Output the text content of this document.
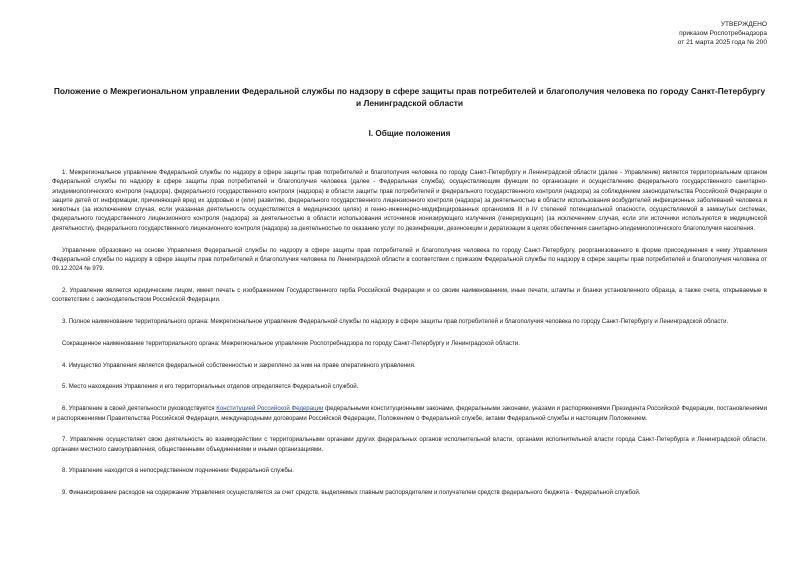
УТВЕРЖДЕНО
приказом Роспотребнадзора
от 21 марта 2025 года № 200
Положение о Межрегиональном управлении Федеральной службы по надзору в сфере защиты прав потребителей и благополучия человека по городу Санкт-Петербургу и Ленинградской области
I. Общие положения

1. Межрегиональное управление Федеральной службы по надзору в сфере защиты прав потребителей и благополучия человека по городу Санкт-Петербургу и Ленинградской области (далее - Управление) является территориальным органом Федеральной службы по надзору в сфере защиты прав потребителей и благополучия человека (далее - Федеральная служба), осуществляющим функции по организации и осуществлению федерального государственного санитарно-эпидемиологического контроля (надзора), федерального государственного контроля (надзора) в области защиты прав потребителей и федерального государственного контроля (надзора) за соблюдением законодательства Российской Федерации о защите детей от информации, причиняющей вред их здоровью и (или) развитию, федерального государственного лицензионного контроля (надзора) за деятельностью в области использования возбудителей инфекционных заболеваний человека и животных (за исключением случая, если указанная деятельность осуществляется в медицинских целях) и генно-инженерно-модифицированных организмов III и IV степеней потенциальной опасности, осуществляемой в замкнутых системах, федерального государственного лицензионного контроля (надзора) за деятельностью в области использования источников ионизирующего излучения (генерирующих) (за исключением случая, если эти источники используются в медицинской деятельности), федерального государственного лицензионного контроля (надзора) за деятельностью по оказанию услуг по дезинфекции, дезинсекции и дератизации в целях обеспечения санитарно-эпидемиологического благополучия населения.

Управление образовано на основе Управления Федеральной службы по надзору в сфере защиты прав потребителей и благополучия человека по городу Санкт-Петербургу, реорганизованного в форме присоединения к нему Управления Федеральной службы по надзору в сфере защиты прав потребителей и благополучия человека по Ленинградской области в соответствии с приказом Федеральной службы по надзору в сфере защиты прав потребителей и благополучия человека от 09.12.2024 № 979.

2. Управление является юридическим лицом, имеет печать с изображением Государственного герба Российской Федерации и со своим наименованием, иные печати, штампы и бланки установленного образца, а также счета, открываемые в соответствии с законодательством Российской Федерации.

3. Полное наименование территориального органа: Межрегиональное управление Федеральной службы по надзору в сфере защиты прав потребителей и благополучия человека по городу Санкт-Петербургу и Ленинградской области.

Сокращенное наименование территориального органа: Межрегиональное управление Роспотребнадзора по городу Санкт-Петербургу и Ленинградской области.

4. Имущество Управления является федеральной собственностью и закреплено за ним на праве оперативного управления.

5. Место нахождения Управления и его территориальных отделов определяется Федеральной службой.

6. Управление в своей деятельности руководствуется Конституцией Российской Федерации федеральными конституционными законами, федеральными законами, указами и распоряжениями Президента Российской Федерации, постановлениями и распоряжениями Правительства Российской Федерации, международными договорами Российской Федерации, Положением о Федеральной службе, актами Федеральной службы и настоящим Положением.

7. Управление осуществляет свою деятельность во взаимодействии с территориальными органами других федеральных органов исполнительной власти, органами исполнительной власти города Санкт-Петербурга и Ленинградской области, органами местного самоуправления, общественными объединениями и иными организациями.

8. Управление находится в непосредственном подчинении Федеральной службы.

9. Финансирование расходов на содержание Управления осуществляется за счет средств, выделяемых главным распорядителем и получателем средств федерального бюджета - Федеральной службой.
